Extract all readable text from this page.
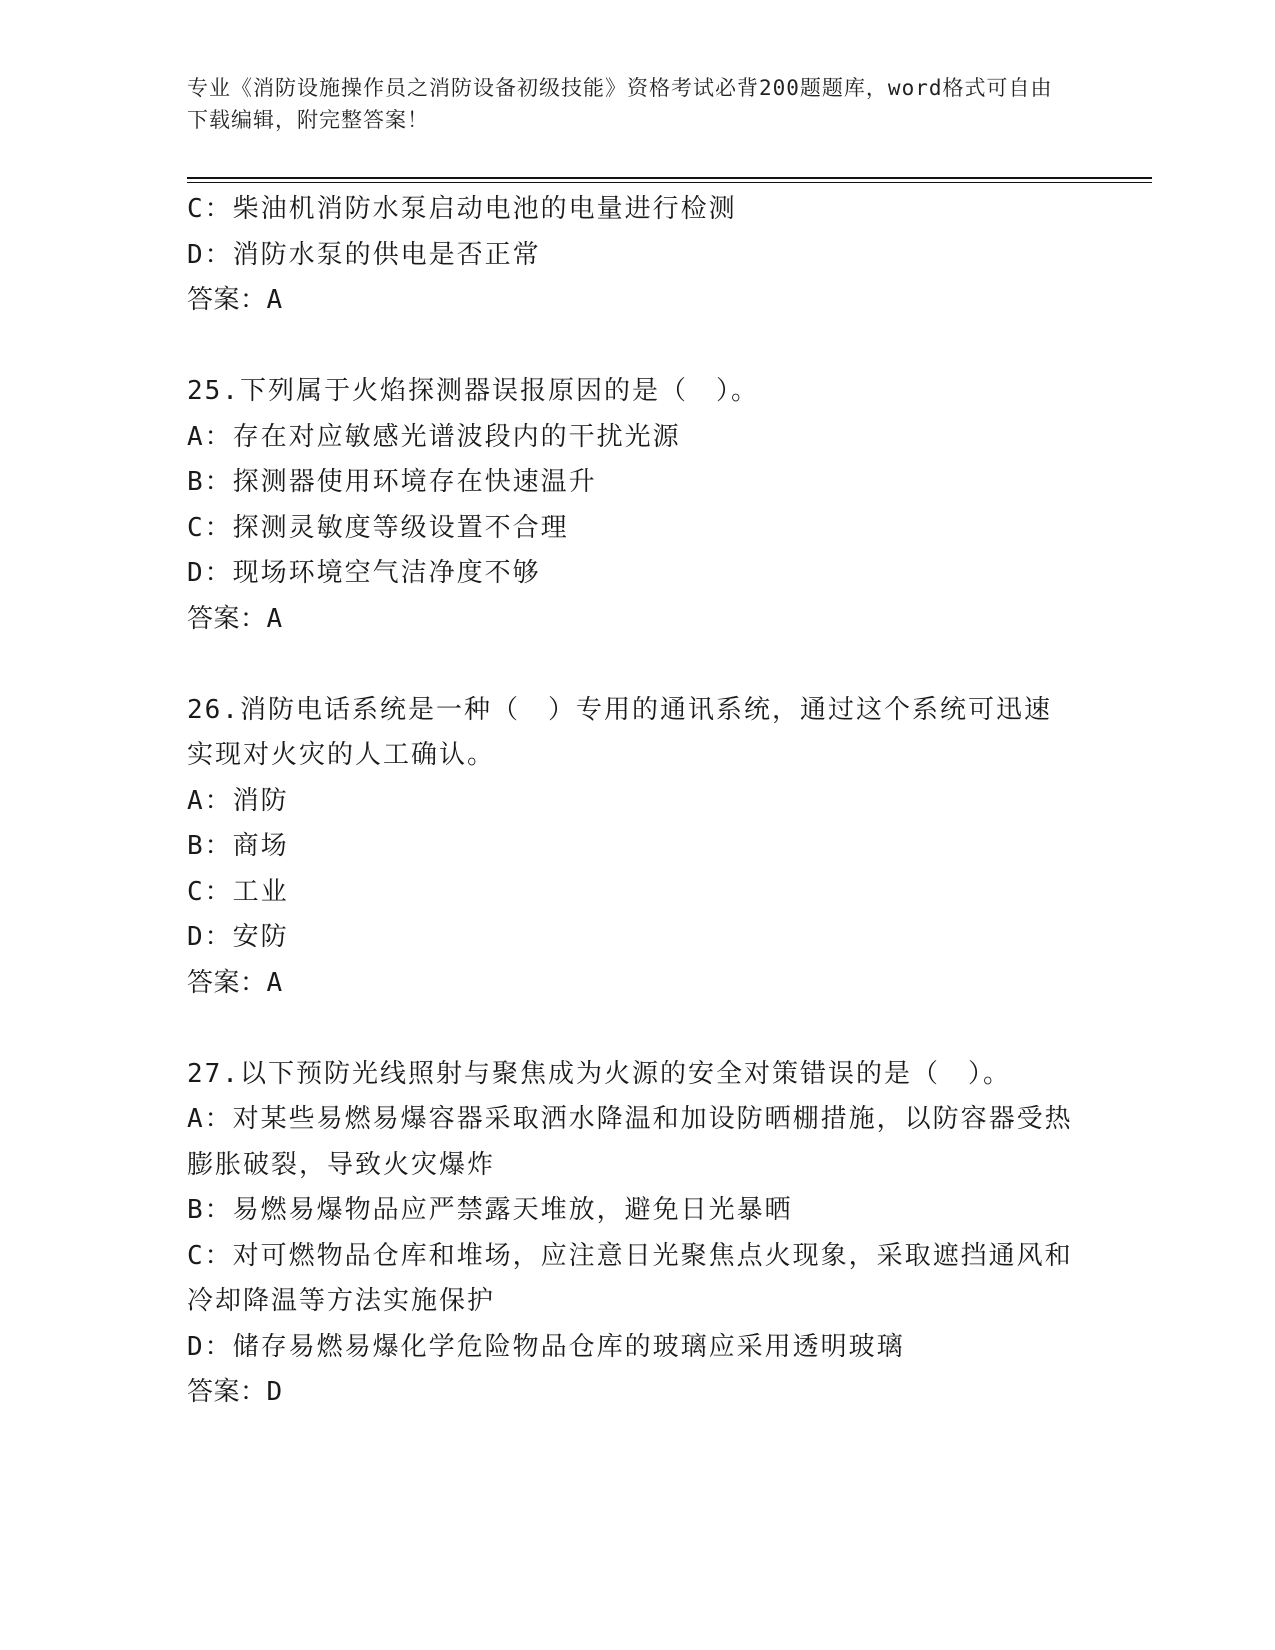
专业《消防设施操作员之消防设备初级技能》资格考试必背200题题库，word格式可自由下载编辑，附完整答案！
C：柴油机消防水泵启动电池的电量进行检测
D：消防水泵的供电是否正常
答案：A
25.下列属于火焰探测器误报原因的是（　）。
A：存在对应敏感光谱波段内的干扰光源
B：探测器使用环境存在快速温升
C：探测灵敏度等级设置不合理
D：现场环境空气洁净度不够
答案：A
26.消防电话系统是一种（　）专用的通讯系统，通过这个系统可迅速实现对火灾的人工确认。
A：消防
B：商场
C：工业
D：安防
答案：A
27.以下预防光线照射与聚焦成为火源的安全对策错误的是（　）。
A：对某些易燃易爆容器采取洒水降温和加设防晒棚措施，以防容器受热膨胀破裂，导致火灾爆炸
B：易燃易爆物品应严禁露天堆放，避免日光暴晒
C：对可燃物品仓库和堆场，应注意日光聚焦点火现象，采取遮挡通风和冷却降温等方法实施保护
D：储存易燃易爆化学危险物品仓库的玻璃应采用透明玻璃
答案：D
